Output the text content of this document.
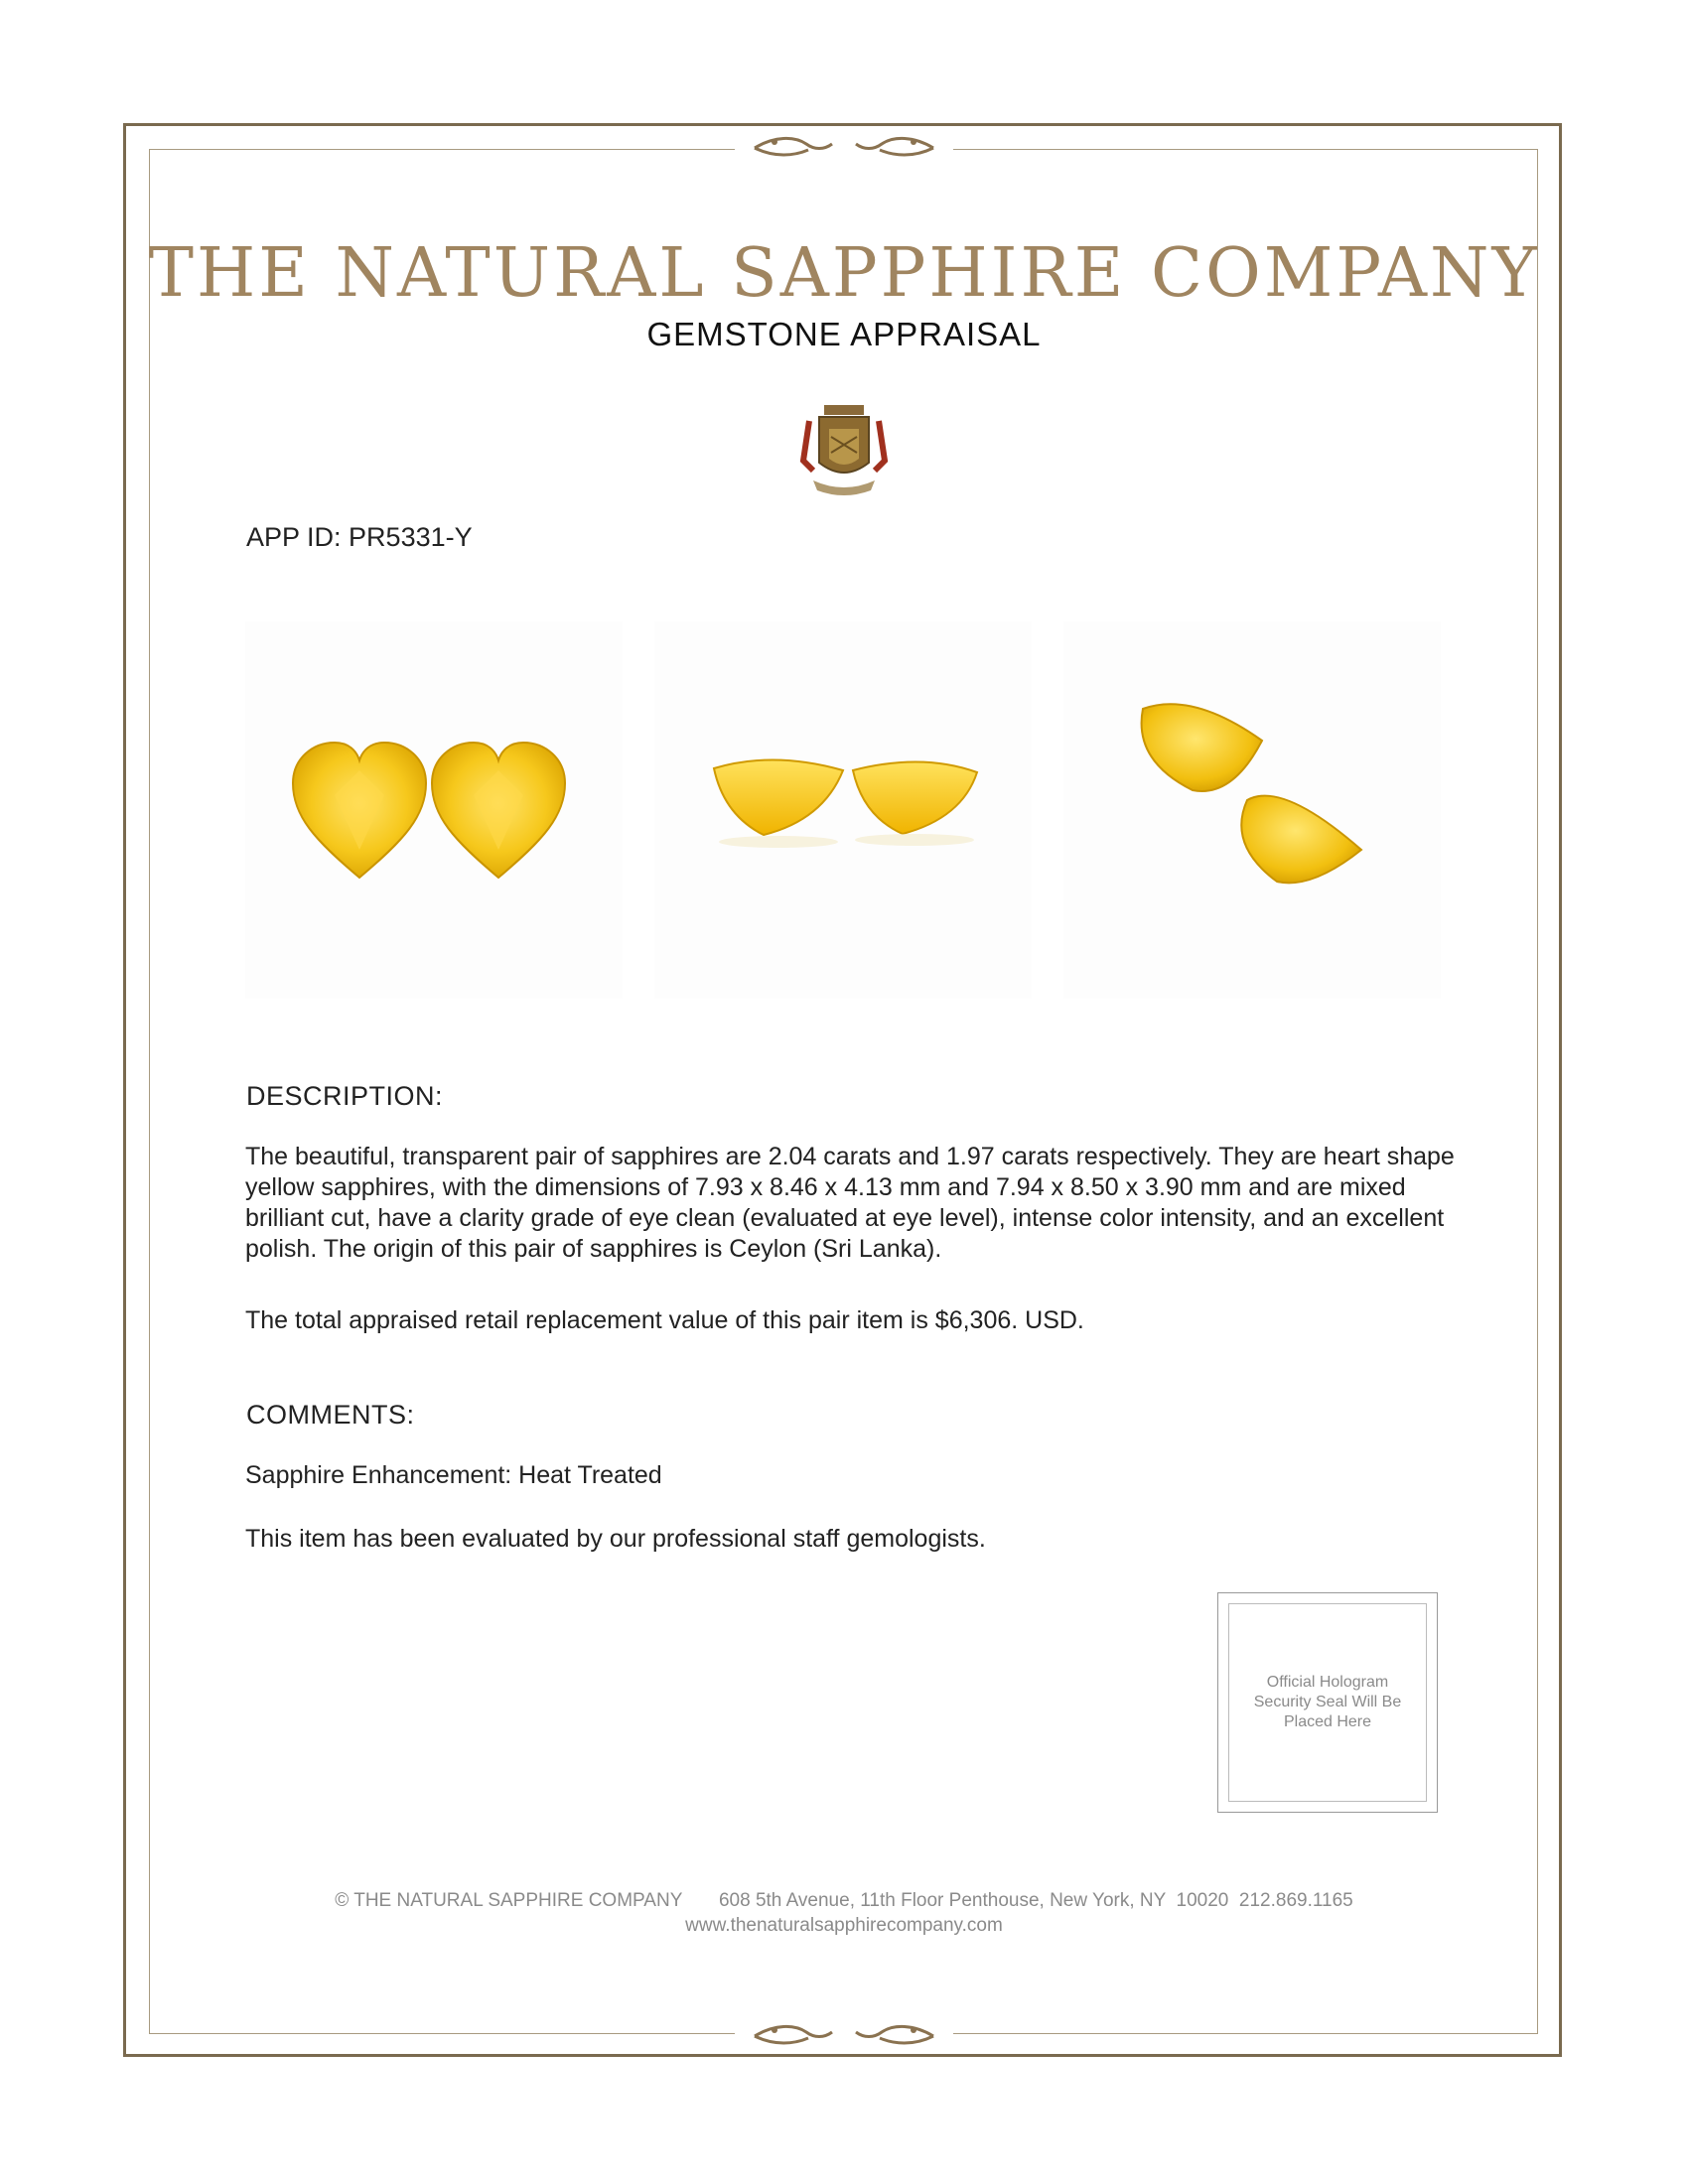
THE NATURAL SAPPHIRE COMPANY
GEMSTONE APPRAISAL
APP ID: PR5331-Y
DESCRIPTION:
The beautiful, transparent pair of sapphires are 2.04 carats and 1.97 carats respectively. They are heart shape yellow sapphires, with the dimensions of 7.93 x 8.46 x 4.13 mm and 7.94 x 8.50 x 3.90 mm and are mixed brilliant cut, have a clarity grade of eye clean (evaluated at eye level), intense color intensity, and an excellent polish. The origin of this pair of sapphires is Ceylon (Sri Lanka).
The total appraised retail replacement value of this pair item is $6,306. USD.
COMMENTS:
Sapphire Enhancement: Heat Treated
This item has been evaluated by our professional staff gemologists.
Official Hologram Security Seal Will Be Placed Here
© THE NATURAL SAPPHIRE COMPANY       608 5th Avenue, 11th Floor Penthouse, New York, NY  10020  212.869.1165
www.thenaturalsapphirecompany.com
